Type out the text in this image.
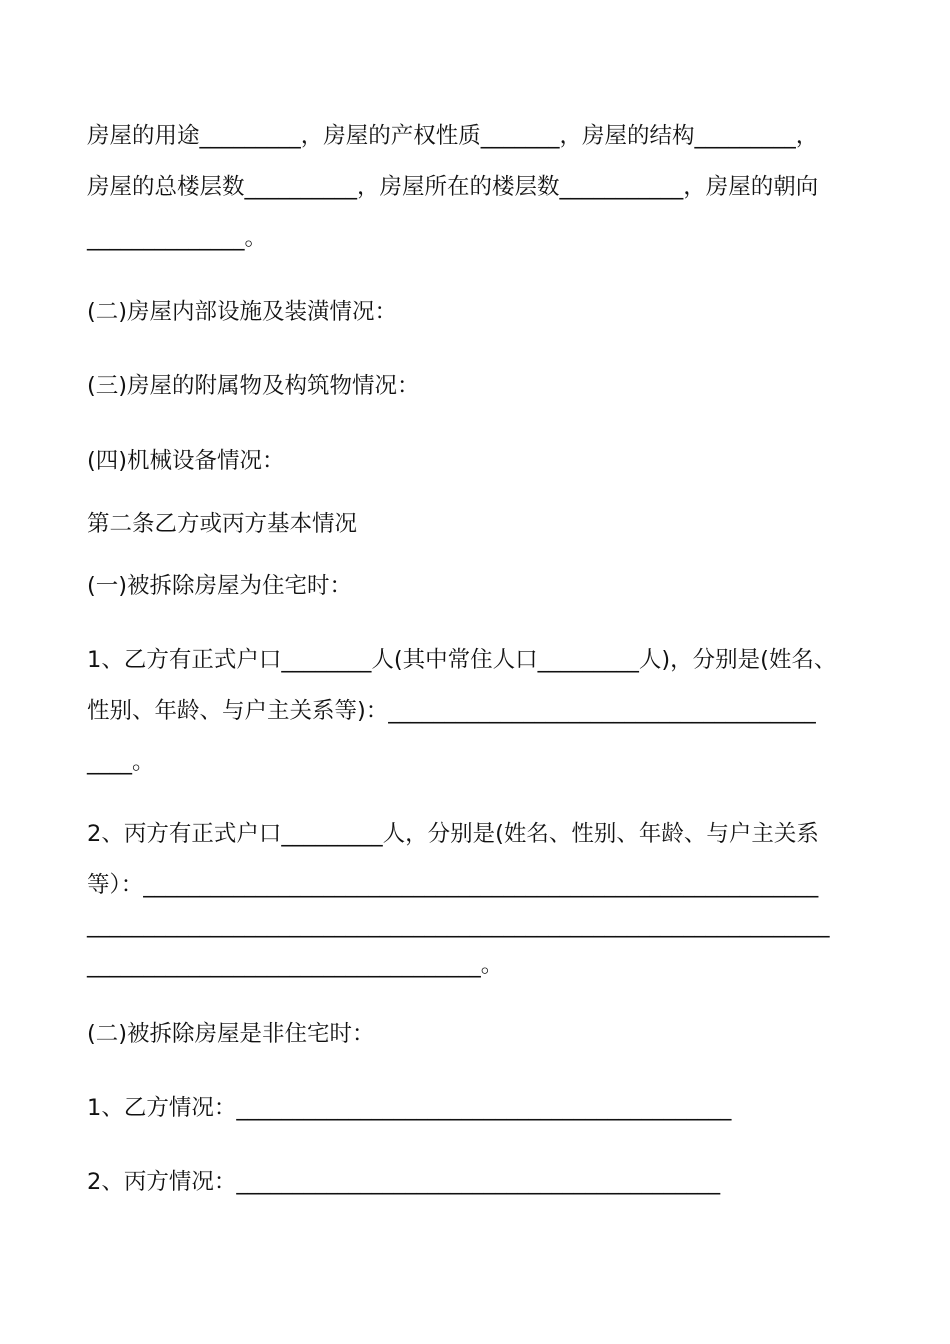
房屋的用途_________，房屋的产权性质_______，房屋的结构_________，
房屋的总楼层数__________，房屋所在的楼层数___________，房屋的朝向
______________。
(二)房屋内部设施及装潢情况：
(三)房屋的附属物及构筑物情况：
(四)机械设备情况：
第二条乙方或丙方基本情况
(一)被拆除房屋为住宅时：
1、乙方有正式户口________人(其中常住人口_________人)，分别是(姓名、
性别、年龄、与户主关系等)：______________________________________
____。
2、丙方有正式户口_________人，分别是(姓名、性别、年龄、与户主关系
等）：____________________________________________________________
__________________________________________________________________
___________________________________。
(二)被拆除房屋是非住宅时：
1、乙方情况：____________________________________________
2、丙方情况：___________________________________________
